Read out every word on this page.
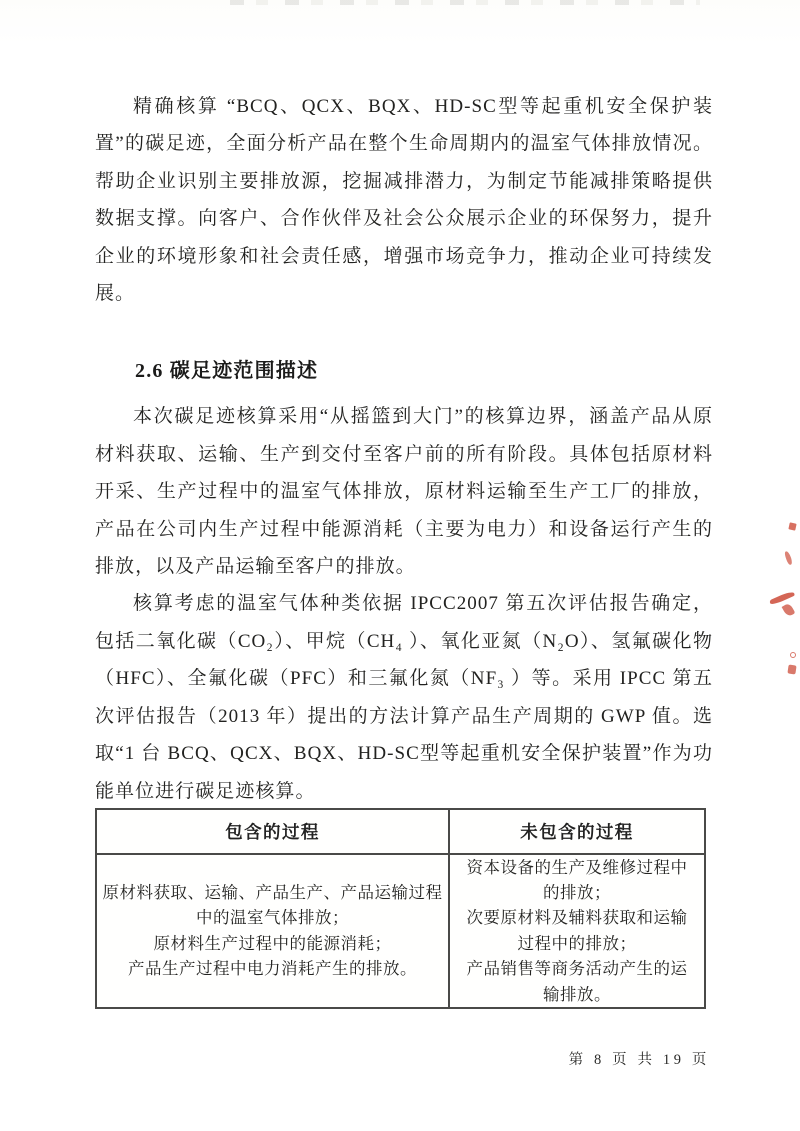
精确核算 “BCQ、QCX、BQX、HD-SC型等起重机安全保护装置”的碳足迹，全面分析产品在整个生命周期内的温室气体排放情况。帮助企业识别主要排放源，挖掘减排潜力，为制定节能减排策略提供数据支撑。向客户、合作伙伴及社会公众展示企业的环保努力，提升企业的环境形象和社会责任感，增强市场竞争力，推动企业可持续发展。

2.6 碳足迹范围描述

本次碳足迹核算采用“从摇篮到大门”的核算边界，涵盖产品从原材料获取、运输、生产到交付至客户前的所有阶段。具体包括原材料开采、生产过程中的温室气体排放，原材料运输至生产工厂的排放，产品在公司内生产过程中能源消耗（主要为电力）和设备运行产生的排放，以及产品运输至客户的排放。

核算考虑的温室气体种类依据 IPCC2007 第五次评估报告确定，包括二氧化碳（CO₂）、甲烷（CH₄ ）、氧化亚氮（N₂O）、氢氟碳化物（HFC）、全氟化碳（PFC）和三氟化氮（NF₃ ）等。采用 IPCC 第五次评估报告（2013 年）提出的方法计算产品生产周期的 GWP 值。选取“1 台 BCQ、QCX、BQX、HD-SC型等起重机安全保护装置”作为功能单位进行碳足迹核算。

包含的过程	未包含的过程
原材料获取、运输、产品生产、产品运输过程
中的温室气体排放；
原材料生产过程中的能源消耗；
产品生产过程中电力消耗产生的排放。
资本设备的生产及维修过程中
的排放；
次要原材料及辅料获取和运输
过程中的排放；
产品销售等商务活动产生的运
输排放。
第 8 页 共 19 页
